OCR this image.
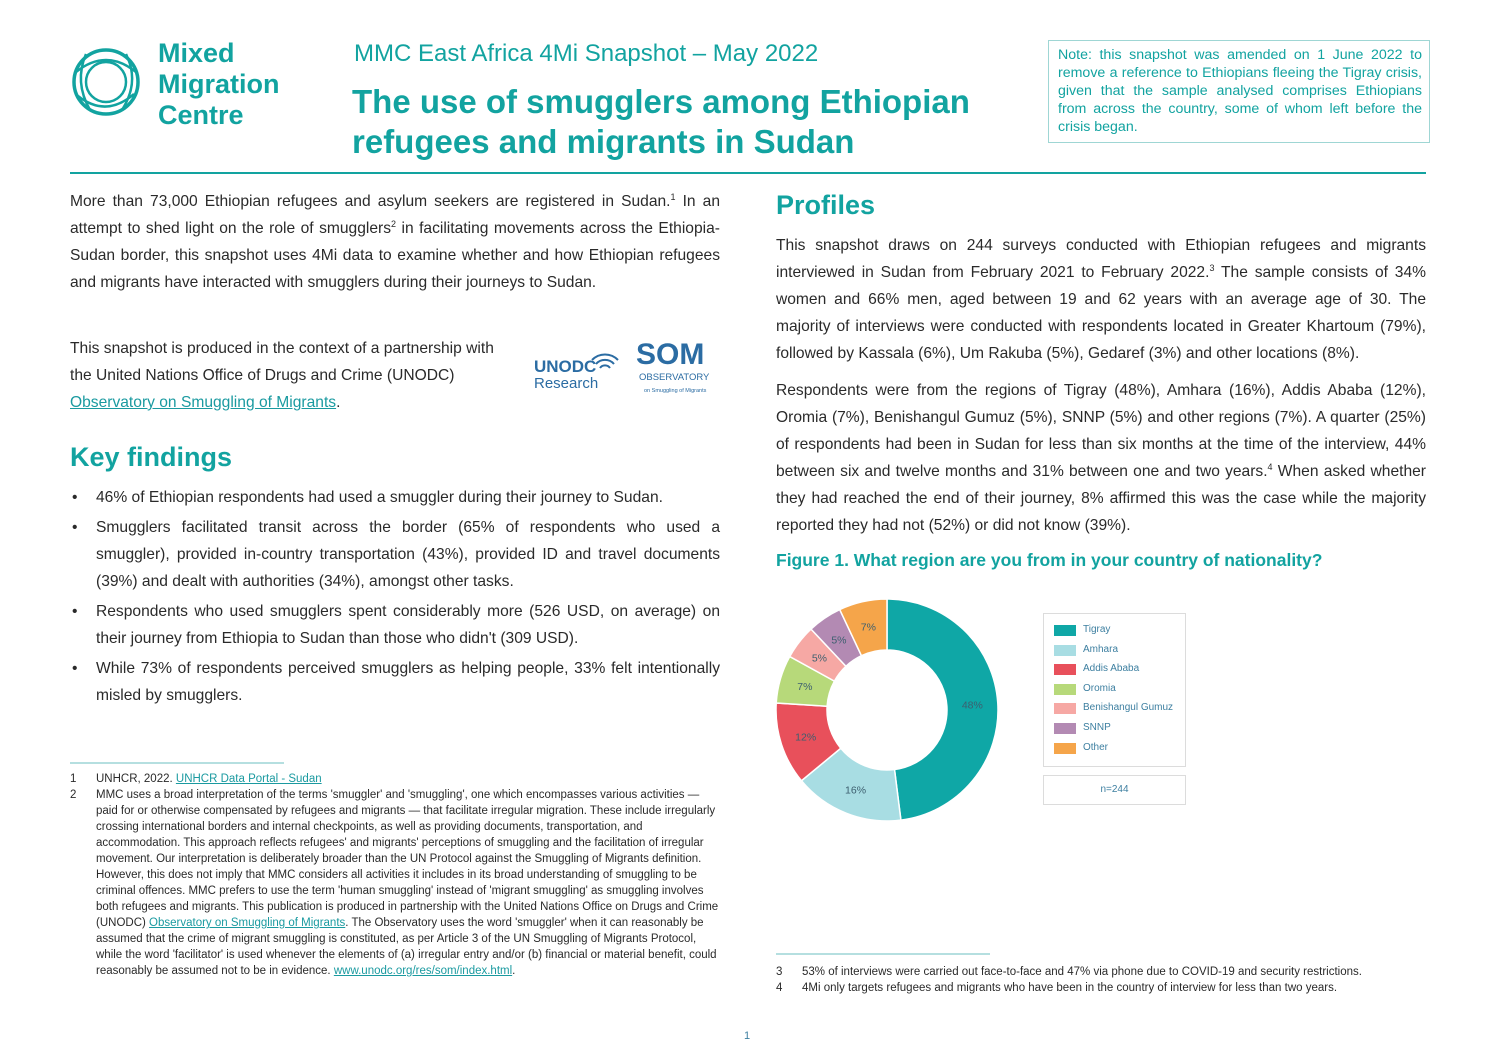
Mixed
Migration
Centre
MMC East Africa 4Mi Snapshot – May 2022
The use of smugglers among Ethiopian refugees and migrants in Sudan
Note: this snapshot was amended on 1 June 2022 to remove a reference to Ethiopians fleeing the Tigray crisis, given that the sample analysed comprises Ethiopians from across the country, some of whom left before the crisis began.
More than 73,000 Ethiopian refugees and asylum seekers are registered in Sudan.$^1$ In an attempt to shed light on the role of smugglers$^2$ in facilitating movements across the Ethiopia-Sudan border, this snapshot uses 4Mi data to examine whether and how Ethiopian refugees and migrants have interacted with smugglers during their journeys to Sudan.
This snapshot is produced in the context of a partnership with the United Nations Office of Drugs and Crime (UNODC) Observatory on Smuggling of Migrants.
UNODC
Research
SOM
OBSERVATORY
on Smuggling of Migrants
Key findings
• 46% of Ethiopian respondents had used a smuggler during their journey to Sudan.
• Smugglers facilitated transit across the border (65% of respondents who used a smuggler), provided in-country transportation (43%), provided ID and travel documents (39%) and dealt with authorities (34%), amongst other tasks.
• Respondents who used smugglers spent considerably more (526 USD, on average) on their journey from Ethiopia to Sudan than those who didn't (309 USD).
• While 73% of respondents perceived smugglers as helping people, 33% felt intentionally misled by smugglers.
1 UNHCR, 2022. UNHCR Data Portal - Sudan
2 MMC uses a broad interpretation of the terms 'smuggler' and 'smuggling', one which encompasses various activities — paid for or otherwise compensated by refugees and migrants — that facilitate irregular migration. These include irregularly crossing international borders and internal checkpoints, as well as providing documents, transportation, and accommodation. This approach reflects refugees' and migrants' perceptions of smuggling and the facilitation of irregular movement. Our interpretation is deliberately broader than the UN Protocol against the Smuggling of Migrants definition. However, this does not imply that MMC considers all activities it includes in its broad understanding of smuggling to be criminal offences. MMC prefers to use the term 'human smuggling' instead of 'migrant smuggling' as smuggling involves both refugees and migrants. This publication is produced in partnership with the United Nations Office on Drugs and Crime (UNODC) Observatory on Smuggling of Migrants. The Observatory uses the word 'smuggler' when it can reasonably be assumed that the crime of migrant smuggling is constituted, as per Article 3 of the UN Smuggling of Migrants Protocol, while the word 'facilitator' is used whenever the elements of (a) irregular entry and/or (b) financial or material benefit, could reasonably be assumed not to be in evidence. www.unodc.org/res/som/index.html.
Profiles
This snapshot draws on 244 surveys conducted with Ethiopian refugees and migrants interviewed in Sudan from February 2021 to February 2022.$^3$ The sample consists of 34% women and 66% men, aged between 19 and 62 years with an average age of 30. The majority of interviews were conducted with respondents located in Greater Khartoum (79%), followed by Kassala (6%), Um Rakuba (5%), Gedaref (3%) and other locations (8%).
Respondents were from the regions of Tigray (48%), Amhara (16%), Addis Ababa (12%), Oromia (7%), Benishangul Gumuz (5%), SNNP (5%) and other regions (7%). A quarter (25%) of respondents had been in Sudan for less than six months at the time of the interview, 44% between six and twelve months and 31% between one and two years.$^4$ When asked whether they had reached the end of their journey, 8% affirmed this was the case while the majority reported they had not (52%) or did not know (39%).
Figure 1. What region are you from in your country of nationality?
48%
16%
12%
7%
5%
5%
7%	Tigray
Amhara
Addis Ababa
Oromia
Benishangul Gumuz
SNNP
Other
n=244
3 53% of interviews were carried out face-to-face and 47% via phone due to COVID-19 and security restrictions.
4 4Mi only targets refugees and migrants who have been in the country of interview for less than two years.
1
